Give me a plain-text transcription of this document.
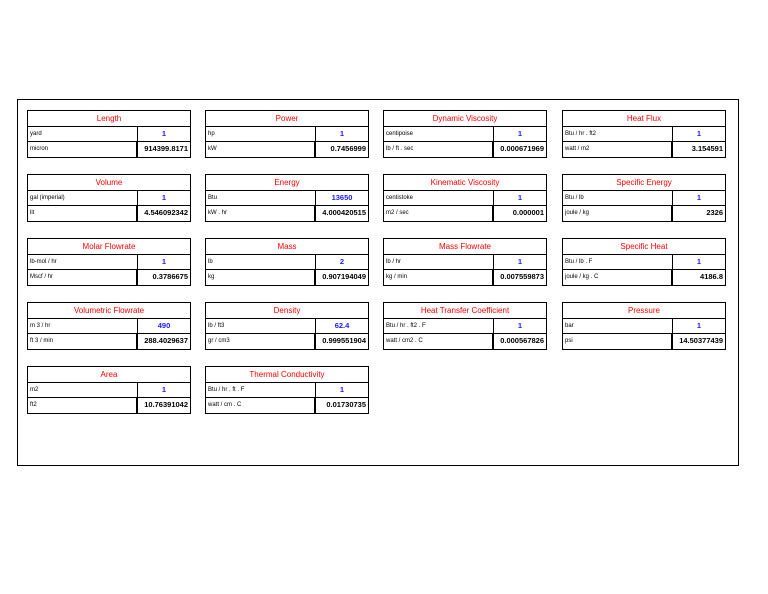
Length
yard	1
micron	914399.8171
Power
hp	1
kW	0.7456999
Dynamic Viscosity
centipoise	1
lb / ft . sec	0.000671969
Heat Flux
Btu / hr . ft2	1
watt / m2	3.154591
Volume
gal (imperial)	1
lit	4.546092342
Energy
Btu	13650
kW . hr	4.000420515
Kinematic Viscosity
centistoke	1
m2 / sec	0.000001
Specific Energy
Btu / lb	1
joule / kg	2326
Molar Flowrate
lb-mol / hr	1
Mscf / hr	0.3786675
Mass
lb	2
kg	0.907194049
Mass Flowrate
lb / hr	1
kg / min	0.007559873
Specific Heat
Btu / lb . F	1
joule / kg . C	4186.8
Volumetric Flowrate
m 3 / hr	490
ft 3 / min	288.4029637
Density
lb / ft3	62.4
gr / cm3	0.999551904
Heat Transfer Coefficient
Btu / hr . ft2 . F	1
watt / cm2 . C	0.000567826
Pressure
bar	1
psi	14.50377439
Area
m2	1
ft2	10.76391042
Thermal Conductivity
Btu / hr . ft . F	1
watt / cm . C	0.01730735
